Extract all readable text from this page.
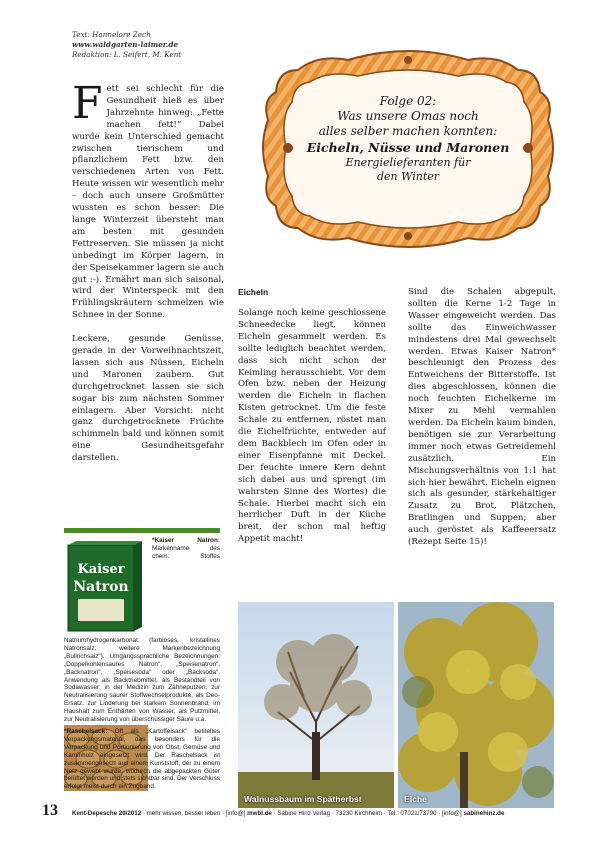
Text: Hannelore Zech
www.waldgarten-laimer.de
Redaktion: L. Seifert, M. Kent
Folge 02:
Was unsere Omas noch
alles selber machen konnten:
Eicheln, Nüsse und Maronen
Energielieferanten für
den Winter

Fett sei schlecht für die Gesundheit hieß es über Jahrzehnte hinweg: „Fette machen fett!“ Dabei wurde kein Unterschied gemacht zwischen tierischem und pflanzlichem Fett bzw. den verschiedenen Arten von Fett. Heute wissen wir wesentlich mehr – doch auch unsere Großmütter wussten es schon besser: Die lange Winterzeit übersteht man am besten mit gesunden Fettreserven. Sie müssen ja nicht unbedingt im Körper lagern, in der Speisekammer lagern sie auch gut :-). Ernährt man sich saisonal, wird der Winterspeck mit den Frühlingskräutern schmelzen wie Schnee in der Sonne.

Leckere, gesunde Genüsse, gerade in der Vorweihnachtszeit, lassen sich aus Nüssen, Eicheln und Maronen zaubern. Gut durchgetrocknet lassen sie sich sogar bis zum nächsten Sommer einlagern. Aber Vorsicht: nicht ganz durchgetrocknete Früchte schimmeln bald und können somit eine Gesundheitsgefahr darstellen.

Kaiser
Natron

*Kaiser Natron: Markenname des chem. Stoffes Natriumhydrogenkarbonat (farbloses, kristallines Natronsalz; weitere Markenbezeichnung „Bullrichsalz“). Umgangssprachliche Bezeichnungen: „Doppelkohlensaures Natron“, „Speisenatron“, „Backnatron“, „Speisesoda“ oder „Backsoda“. Anwendung als Backtriebmittel, als Bestandteil von Sodawasser; in der Medizin zum Zähneputzen, zur Neutralisierung saurer Stoffwechselprodukte, als Deo-Ersatz, zur Linderung bei starkem Sonnenbrand; im Haushalt zum Enthärten von Wasser, als Putzmittel, zur Neutralisierung von überschüssiger Säure u.a.

*Raschelsack: Oft als „Kartoffelsack“ betiteltes Verpackungsmaterial, das besonders für die Verpackung und Portionierung von Obst, Gemüse und Kaminholz eingesetzt wird. Der Raschelsack ist zusammengesetzt aus einem Kunststoff, der zu einem Netz gewebt wurde, wodurch die abgepackten Güter belüftet werden und stets sichtbar sind. Der Verschluss erfolgt meist durch ein Zugband.

Eicheln

Solange noch keine geschlossene Schneedecke liegt, können Eicheln gesammelt werden. Es sollte lediglich beachtet werden, dass sich nicht schon der Keimling herausschiebt. Vor dem Ofen bzw. neben der Heizung werden die Eicheln in flachen Kisten getrocknet. Um die feste Schale zu entfernen, röstet man die Eichelfrüchte, entweder auf dem Backblech im Ofen oder in einer Eisenpfanne mit Deckel. Der feuchte innere Kern dehnt sich dabei aus und sprengt (im wahrsten Sinne des Wortes) die Schale. Hierbei macht sich ein herrlicher Duft in der Küche breit, der schon mal heftig Appetit macht!

Sind die Schalen abgepult, sollten die Kerne 1-2 Tage in Wasser eingeweicht werden. Das sollte das Einweichwasser mindestens drei Mal gewechselt werden. Etwas Kaiser Natron* beschleunigt den Prozess des Entweichens der Bitterstoffe. Ist dies abgeschlossen, können die noch feuchten Eichelkerne im Mixer zu Mehl vermahlen werden. Da Eicheln kaum binden, benötigen sie zur Verarbeitung immer noch etwas Getreidemehl zusätzlich. Ein Mischungsverhältnis von 1:1 hat sich hier bewährt. Eicheln eignen sich als gesunder, stärkehaltiger Zusatz zu Brot, Plätzchen, Bratlingen und Suppen; aber auch geröstet als Kaffeeersatz (Rezept Seite 15)!

Walnussbaum im Spätherbst	Eiche
13 Kent-Depesche 29/2012 · mehr wissen, besser leben · [info@] mwbl.de · Sabine Hinz Verlag · 73230 Kirchheim · Tel.: 07021/73790 · [info@] sabinehinz.de
